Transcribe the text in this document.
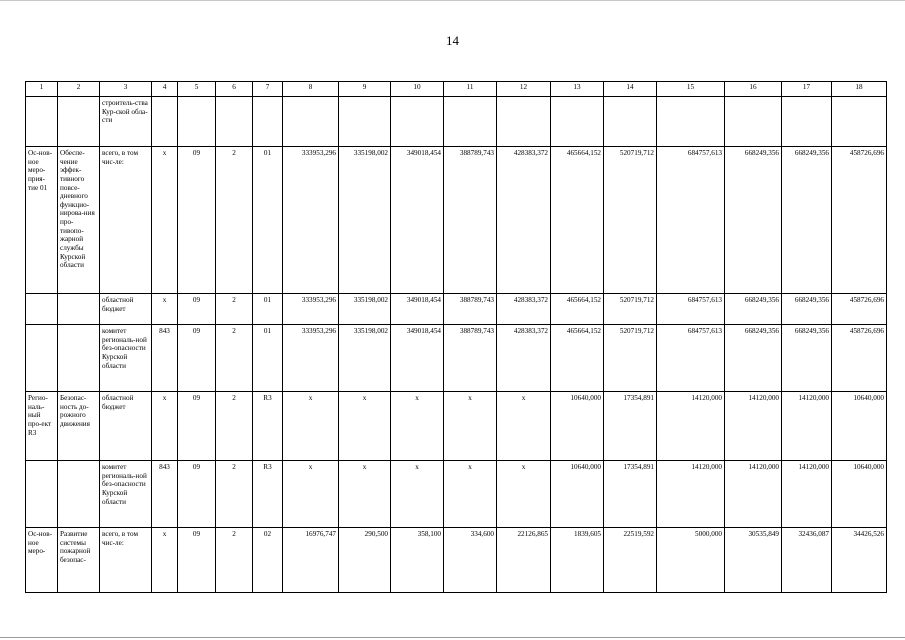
14
1	2	3	4	5	6	7	8	9	10	11	12	13	14	15	16	17	18
		строитель-ства Кур-ской обла-сти															
Ос-нов-ное меро-прия-тие 01	Обеспе-чение эффек-тивного повсе-дневного функцио-нирова-ния про-тивопо-жарной службы Курской области	всего, в том чис-ле:	х	09	2	01	333953,296	335198,002	349018,454	388789,743	428383,372	465664,152	520719,712	684757,613	668249,356	668249,356	458726,696
		областной бюджет	х	09	2	01	333953,296	335198,002	349018,454	388789,743	428383,372	465664,152	520719,712	684757,613	668249,356	668249,356	458726,696
		комитет региональ-ной без-опасности Курской области	843	09	2	01	333953,296	335198,002	349018,454	388789,743	428383,372	465664,152	520719,712	684757,613	668249,356	668249,356	458726,696
Регио-наль-ный про-ект R3	Безопас-ность до-рожного движения	областной бюджет	х	09	2	R3	х	х	х	х	х	10640,000	17354,891	14120,000	14120,000	14120,000	10640,000
		комитет региональ-ной без-опасности Курской области	843	09	2	R3	х	х	х	х	х	10640,000	17354,891	14120,000	14120,000	14120,000	10640,000
Ос-нов-ное меро-	Развитие системы пожарной безопас-	всего, в том чис-ле:	х	09	2	02	16976,747	290,500	358,100	334,600	22126,865	1839,605	22519,592	5000,000	30535,849	32436,087	34426,526
